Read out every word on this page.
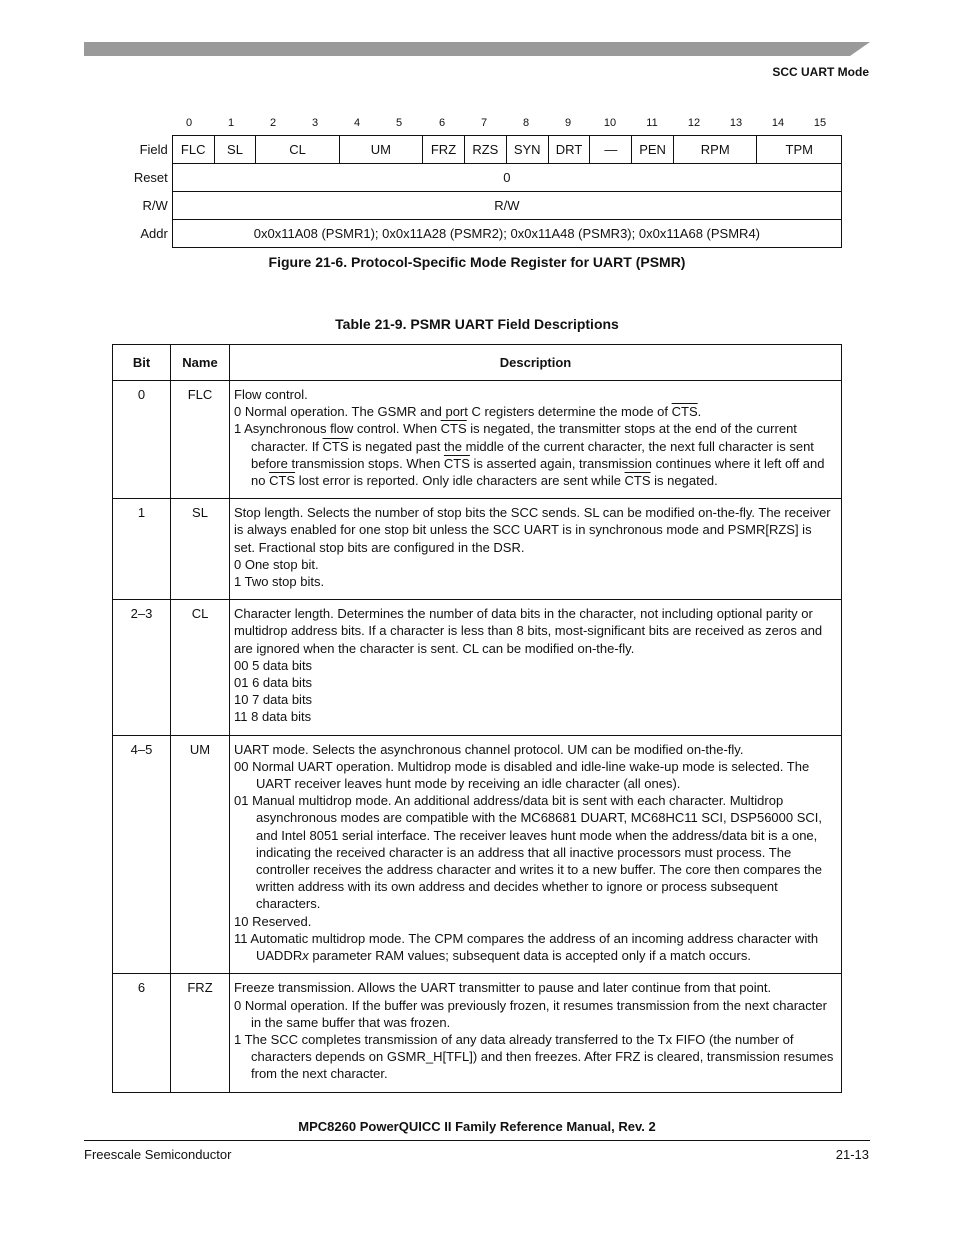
SCC UART Mode
0	1	2	3	4	5	6	7	8	9	10	11	12	13	14	15
Field	FLC	SL	CL	UM	FRZ	RZS	SYN	DRT	—	PEN	RPM	TPM
Reset	0											
R/W	R/W											
Addr	0x0x11A08 (PSMR1); 0x0x11A28 (PSMR2); 0x0x11A48 (PSMR3); 0x0x11A68 (PSMR4)											
Figure 21-6. Protocol-Specific Mode Register for UART (PSMR)
Table 21-9. PSMR UART Field Descriptions
Bit	Name	Description
0	FLC	Flow control.
0 Normal operation. The GSMR and port C registers determine the mode of $\overline{CTS}$.
1 Asynchronous flow control. When $\overline{CTS}$ is negated, the transmitter stops at the end of the current character. If $\overline{CTS}$ is negated past the middle of the current character, the next full character is sent before transmission stops. When $\overline{CTS}$ is asserted again, transmission continues where it left off and no $\overline{CTS}$ lost error is reported. Only idle characters are sent while $\overline{CTS}$ is negated.

1	SL	Stop length. Selects the number of stop bits the SCC sends. SL can be modified on-the-fly. The receiver is always enabled for one stop bit unless the SCC UART is in synchronous mode and PSMR[RZS] is set. Fractional stop bits are configured in the DSR.
0 One stop bit.
1 Two stop bits.

2–3	CL	Character length. Determines the number of data bits in the character, not including optional parity or multidrop address bits. If a character is less than 8 bits, most-significant bits are received as zeros and are ignored when the character is sent. CL can be modified on-the-fly.
00 5 data bits
01 6 data bits
10 7 data bits
11 8 data bits

4–5	UM	UART mode. Selects the asynchronous channel protocol. UM can be modified on-the-fly.
00 Normal UART operation. Multidrop mode is disabled and idle-line wake-up mode is selected. The UART receiver leaves hunt mode by receiving an idle character (all ones).
01 Manual multidrop mode. An additional address/data bit is sent with each character. Multidrop asynchronous modes are compatible with the MC68681 DUART, MC68HC11 SCI, DSP56000 SCI, and Intel 8051 serial interface. The receiver leaves hunt mode when the address/data bit is a one, indicating the received character is an address that all inactive processors must process. The controller receives the address character and writes it to a new buffer. The core then compares the written address with its own address and decides whether to ignore or process subsequent characters.
10 Reserved.
11 Automatic multidrop mode. The CPM compares the address of an incoming address character with UADDRx parameter RAM values; subsequent data is accepted only if a match occurs.

6	FRZ	Freeze transmission. Allows the UART transmitter to pause and later continue from that point.
0 Normal operation. If the buffer was previously frozen, it resumes transmission from the next character in the same buffer that was frozen.
1 The SCC completes transmission of any data already transferred to the Tx FIFO (the number of characters depends on GSMR_H[TFL]) and then freezes. After FRZ is cleared, transmission resumes from the next character.
MPC8260 PowerQUICC II Family Reference Manual, Rev. 2
Freescale Semiconductor	21-13
